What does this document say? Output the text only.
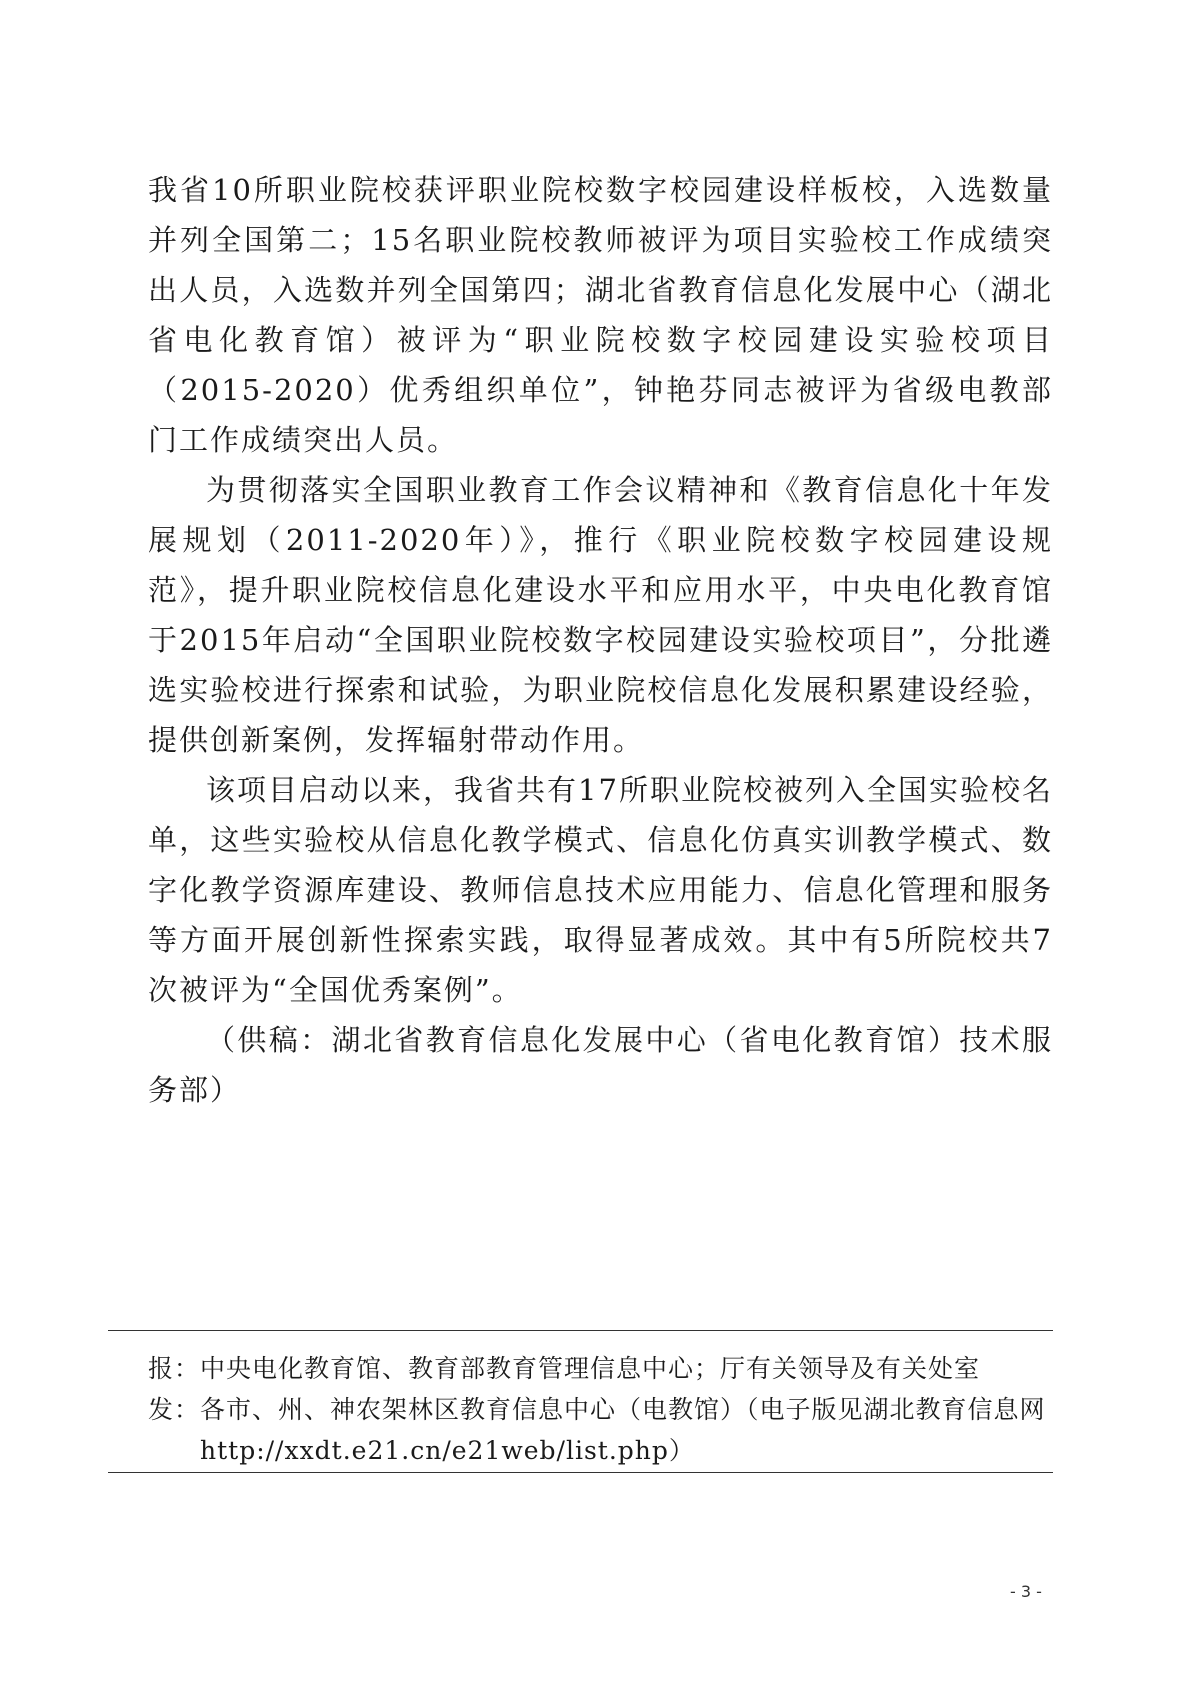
我省10所职业院校获评职业院校数字校园建设样板校，入选数量并列全国第二；15名职业院校教师被评为项目实验校工作成绩突出人员，入选数并列全国第四；湖北省教育信息化发展中心（湖北省电化教育馆）被评为“职业院校数字校园建设实验校项目（2015-2020）优秀组织单位”，钟艳芬同志被评为省级电教部门工作成绩突出人员。

为贯彻落实全国职业教育工作会议精神和《教育信息化十年发展规划（2011-2020年）》，推行《职业院校数字校园建设规范》，提升职业院校信息化建设水平和应用水平，中央电化教育馆于2015年启动“全国职业院校数字校园建设实验校项目”，分批遴选实验校进行探索和试验，为职业院校信息化发展积累建设经验，提供创新案例，发挥辐射带动作用。

该项目启动以来，我省共有17所职业院校被列入全国实验校名单，这些实验校从信息化教学模式、信息化仿真实训教学模式、数字化教学资源库建设、教师信息技术应用能力、信息化管理和服务等方面开展创新性探索实践，取得显著成效。其中有5所院校共7次被评为“全国优秀案例”。

（供稿：湖北省教育信息化发展中心（省电化教育馆）技术服务部）

报：中央电化教育馆、教育部教育管理信息中心；厅有关领导及有关处室
发：各市、州、神农架林区教育信息中心（电教馆）（电子版见湖北教育信息网
http://xxdt.e21.cn/e21web/list.php）
- 3 -
